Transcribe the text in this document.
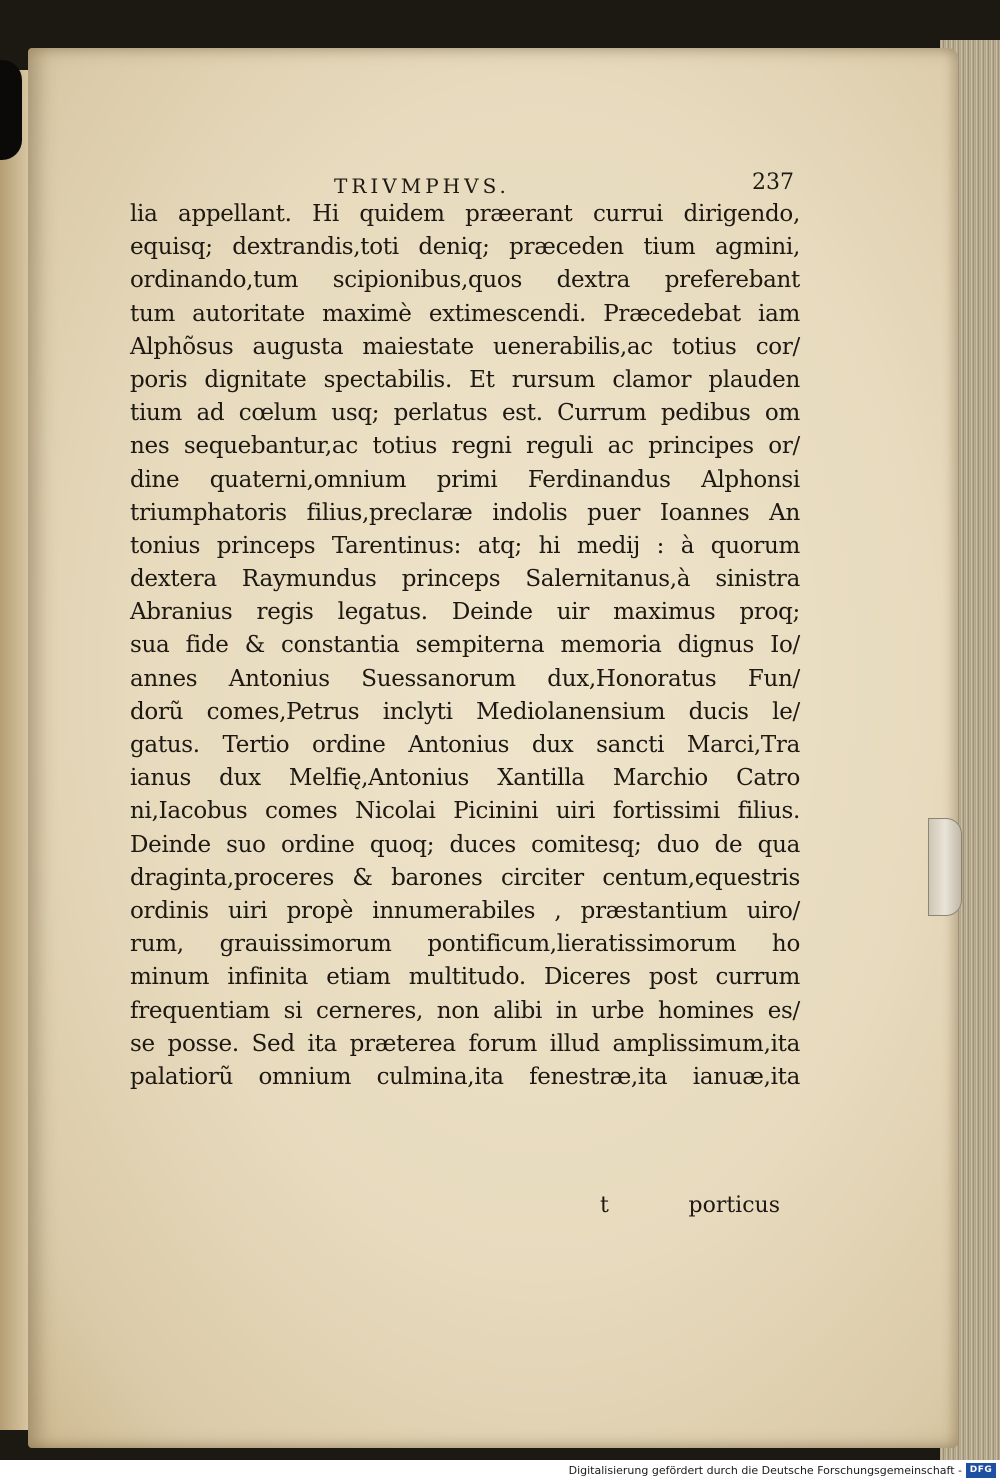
TRIVMPHVS.	237
lia appellant. Hi quidem præerant currui dirigendo,
equisq; dextrandis,toti deniq; præceden tium agmini,
ordinando,tum scipionibus,quos dextra preferebant
tum autoritate maximè extimescendi. Præcedebat iam
Alphõsus augusta maiestate uenerabilis,ac totius cor/
poris dignitate spectabilis. Et rursum clamor plauden
tium ad cœlum usq; perlatus est. Currum pedibus om
nes sequebantur,ac totius regni reguli ac principes or/
dine quaterni,omnium primi Ferdinandus Alphonsi
triumphatoris filius,preclaræ indolis puer Ioannes An
tonius princeps Tarentinus: atq; hi medij : à quorum
dextera Raymundus princeps Salernitanus,à sinistra
Abranius regis legatus. Deinde uir maximus proq;
sua fide & constantia sempiterna memoria dignus Io/
annes Antonius Suessanorum dux,Honoratus Fun/
dorũ comes,Petrus inclyti Mediolanensium ducis le/
gatus. Tertio ordine Antonius dux sancti Marci,Tra
ianus dux Melfię,Antonius Xantilla Marchio Catro
ni,Iacobus comes Nicolai Picinini uiri fortissimi filius.
Deinde suo ordine quoq; duces comitesq; duo de qua
draginta,proceres & barones circiter centum,equestris
ordinis uiri propè innumerabiles , præstantium uiro/
rum, grauissimorum pontificum,lieratissimorum ho
minum infinita etiam multitudo. Diceres post currum
frequentiam si cerneres, non alibi in urbe homines es/
se posse. Sed ita præterea forum illud amplissimum,ita
palatiorũ omnium culmina,ita fenestræ,ita ianuæ,ita
t	porticus
Digitalisierung gefördert durch die Deutsche Forschungsgemeinschaft - DFG
